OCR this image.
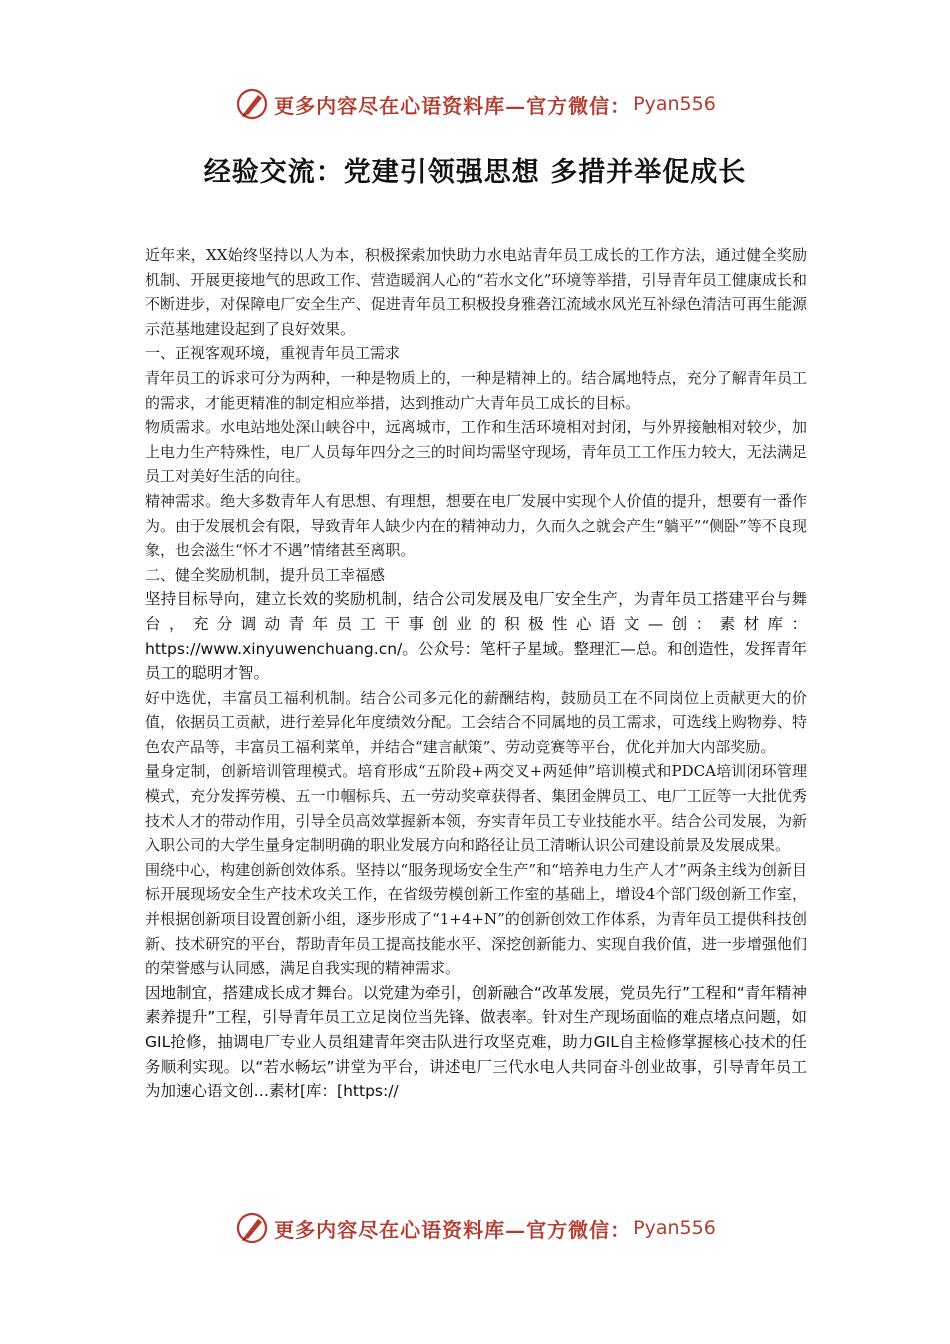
更多内容尽在心语资料库—官方微信： Pyan556
经验交流：党建引领强思想 多措并举促成长

近年来，XX始终坚持以人为本，积极探索加快助力水电站青年员工成长的工作方法，通过健全奖励机制、开展更接地气的思政工作、营造暖润人心的“若水文化”环境等举措，引导青年员工健康成长和不断进步，对保障电厂安全生产、促进青年员工积极投身雅砻江流域水风光互补绿色清洁可再生能源示范基地建设起到了良好效果。

一、正视客观环境，重视青年员工需求

青年员工的诉求可分为两种，一种是物质上的，一种是精神上的。结合属地特点，充分了解青年员工的需求，才能更精准的制定相应举措，达到推动广大青年员工成长的目标。

物质需求。水电站地处深山峡谷中，远离城市，工作和生活环境相对封闭，与外界接触相对较少，加上电力生产特殊性，电厂人员每年四分之三的时间均需坚守现场，青年员工工作压力较大，无法满足员工对美好生活的向往。

精神需求。绝大多数青年人有思想、有理想，想要在电厂发展中实现个人价值的提升，想要有一番作为。由于发展机会有限，导致青年人缺少内在的精神动力，久而久之就会产生“躺平”“侧卧”等不良现象，也会滋生“怀才不遇”情绪甚至离职。

二、健全奖励机制，提升员工幸福感

坚持目标导向，建立长效的奖励机制，结合公司发展及电厂安全生产，为青年员工搭建平台与舞台，充分调动青年员工干事创业的积极性心语文—创：素材库：https://www.xinyuwenchuang.cn/。公众号：笔杆子星域。整理汇—总。和创造性，发挥青年员工的聪明才智。

好中选优，丰富员工福利机制。结合公司多元化的薪酬结构，鼓励员工在不同岗位上贡献更大的价值，依据员工贡献，进行差异化年度绩效分配。工会结合不同属地的员工需求，可选线上购物券、特色农产品等，丰富员工福利菜单，并结合“建言献策”、劳动竞赛等平台，优化并加大内部奖励。

量身定制，创新培训管理模式。培育形成“五阶段+两交叉+两延伸”培训模式和PDCA培训闭环管理模式，充分发挥劳模、五一巾帼标兵、五一劳动奖章获得者、集团金牌员工、电厂工匠等一大批优秀技术人才的带动作用，引导全员高效掌握新本领，夯实青年员工专业技能水平。结合公司发展，为新入职公司的大学生量身定制明确的职业发展方向和路径让员工清晰认识公司建设前景及发展成果。

围绕中心，构建创新创效体系。坚持以“服务现场安全生产”和“培养电力生产人才”两条主线为创新目标开展现场安全生产技术攻关工作，在省级劳模创新工作室的基础上，增设4个部门级创新工作室，并根据创新项目设置创新小组，逐步形成了“1+4+N”的创新创效工作体系，为青年员工提供科技创新、技术研究的平台，帮助青年员工提高技能水平、深挖创新能力、实现自我价值，进一步增强他们的荣誉感与认同感，满足自我实现的精神需求。

因地制宜，搭建成长成才舞台。以党建为牵引，创新融合“改革发展，党员先行”工程和“青年精神素养提升”工程，引导青年员工立足岗位当先锋、做表率。针对生产现场面临的难点堵点问题，如GIL抢修，抽调电厂专业人员组建青年突击队进行攻坚克难，助力GIL自主检修掌握核心技术的任务顺利实现。以“若水畅坛”讲堂为平台，讲述电厂三代水电人共同奋斗创业故事，引导青年员工为加速心语文创…素材[库：[https://

更多内容尽在心语资料库—官方微信： Pyan556
